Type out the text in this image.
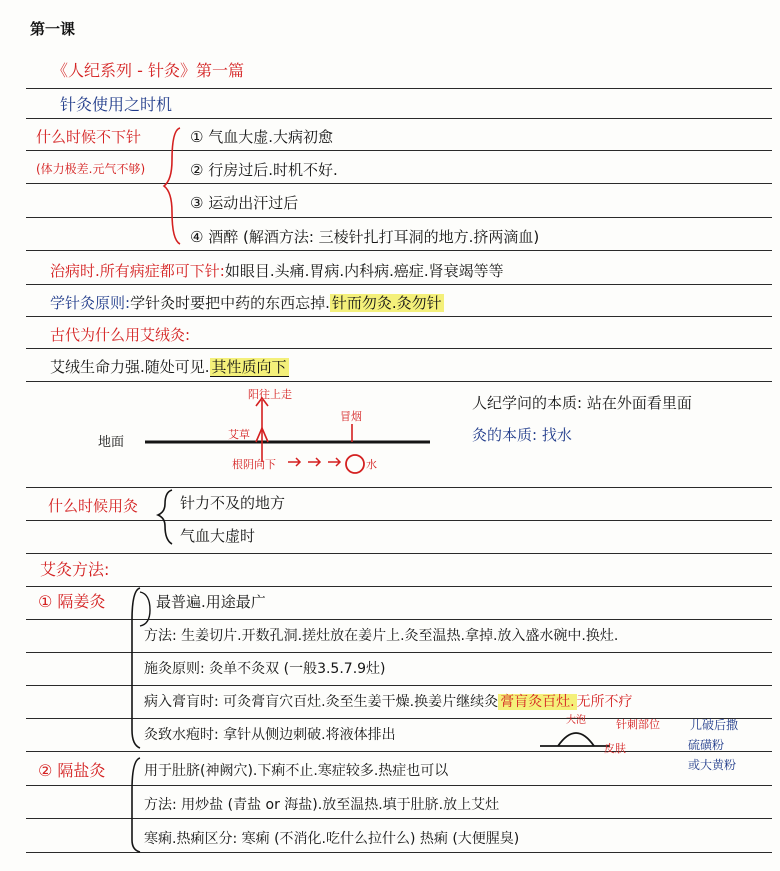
第一课
《人纪系列 - 针灸》第一篇
针灸使用之时机
什么时候不下针
(体力极差.元气不够)
① 气血大虚.大病初愈
② 行房过后.时机不好.
③ 运动出汗过后
④ 酒醉 (解酒方法: 三棱针扎打耳洞的地方.挤两滴血)
治病时.所有病症都可下针:如眼目.头痛.胃病.内科病.癌症.肾衰竭等等
学针灸原则:学针灸时要把中药的东西忘掉. 针而勿灸.灸勿针
古代为什么用艾绒灸:
艾绒生命力强.随处可见. 其性质向下
地面
阳往上走
艾草
冒烟
根阴向下	水
人纪学问的本质: 站在外面看里面
灸的本质: 找水
什么时候用灸	针力不及的地方
气血大虚时
艾灸方法:
① 隔姜灸	最普遍.用途最广
方法: 生姜切片.开数孔洞.搓灶放在姜片上.灸至温热.拿掉.放入盛水碗中.换灶.
施灸原则: 灸单不灸双 (一般3.5.7.9灶)
病入膏肓时: 可灸膏肓穴百灶.灸至生姜干燥.换姜片继续灸 膏肓灸百灶. 无所不疗
灸致水疱时: 拿针从侧边刺破.将液体排出
大泡	针刺部位
皮肤
儿破后撒
硫磺粉
或大黄粉
② 隔盐灸	用于肚脐(神阙穴).下痢不止.寒症较多.热症也可以
方法: 用炒盐 (青盐 or 海盐).放至温热.填于肚脐.放上艾灶
寒痢.热痢区分: 寒痢 (不消化.吃什么拉什么) 热痢 (大便腥臭)
